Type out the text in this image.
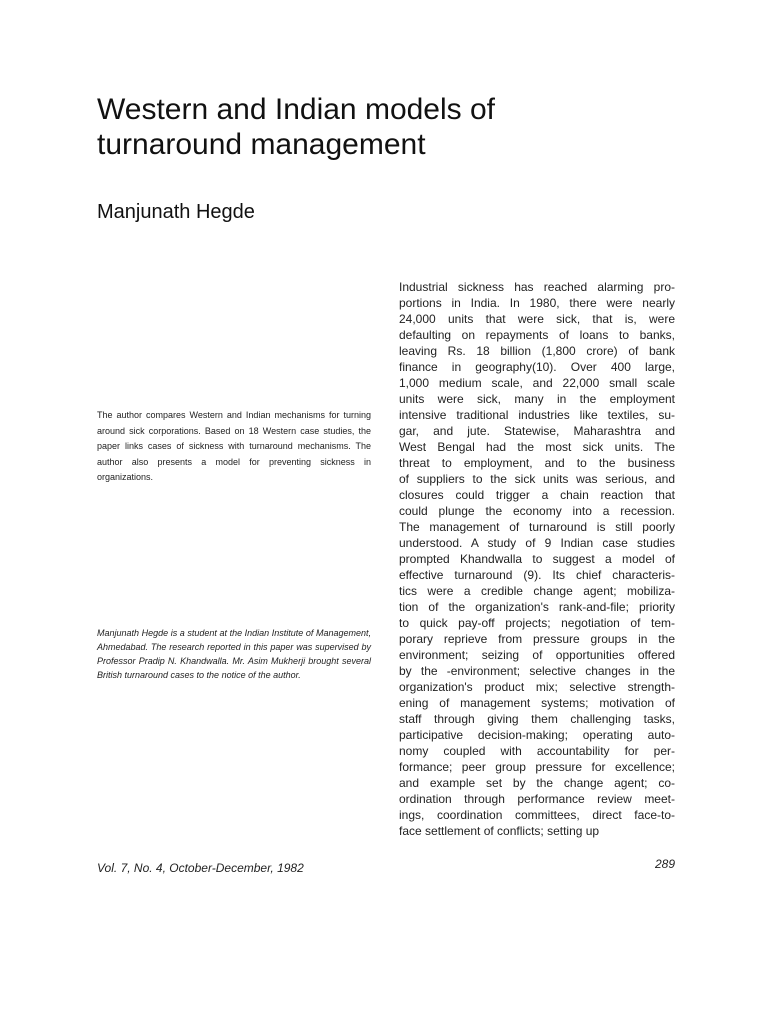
Western and Indian models of
turnaround management
Manjunath Hegde

The author compares Western and Indian mechanisms for turning around sick corporations. Based on 18 Western case studies, the paper links cases of sickness with turnaround mechanisms. The author also presents a model for preventing sickness in organizations.

Manjunath Hegde is a student at the Indian Institute of Management, Ahmedabad. The research reported in this paper was supervised by Professor Pradip N. Khandwalla. Mr. Asim Mukherji brought several British turnaround cases to the notice of the author.

Industrial sickness has reached alarming pro-
portions in India. In 1980, there were nearly
24,000 units that were sick, that is, were
defaulting on repayments of loans to banks,
leaving Rs. 18 billion (1,800 crore) of bank
finance in geography(10). Over 400 large,
1,000 medium scale, and 22,000 small scale
units were sick, many in the employment
intensive traditional industries like textiles, su-
gar, and jute. Statewise, Maharashtra and
West Bengal had the most sick units. The
threat to employment, and to the business
of suppliers to the sick units was serious, and
closures could trigger a chain reaction that
could plunge the economy into a recession.
The management of turnaround is still poorly
understood. A study of 9 Indian case studies
prompted Khandwalla to suggest a model of
effective turnaround (9). Its chief characteris-
tics were a credible change agent; mobiliza-
tion of the organization's rank-and-file; priority
to quick pay-off projects; negotiation of tem-
porary reprieve from pressure groups in the
environment; seizing of opportunities offered
by the -environment; selective changes in the
organization's product mix; selective strength-
ening of management systems; motivation of
staff through giving them challenging tasks,
participative decision-making; operating auto-
nomy coupled with accountability for per-
formance; peer group pressure for excellence;
and example set by the change agent; co-
ordination through performance review meet-
ings, coordination committees, direct face-to-
face settlement of conflicts; setting up
Vol. 7, No. 4, October-December, 1982	289
